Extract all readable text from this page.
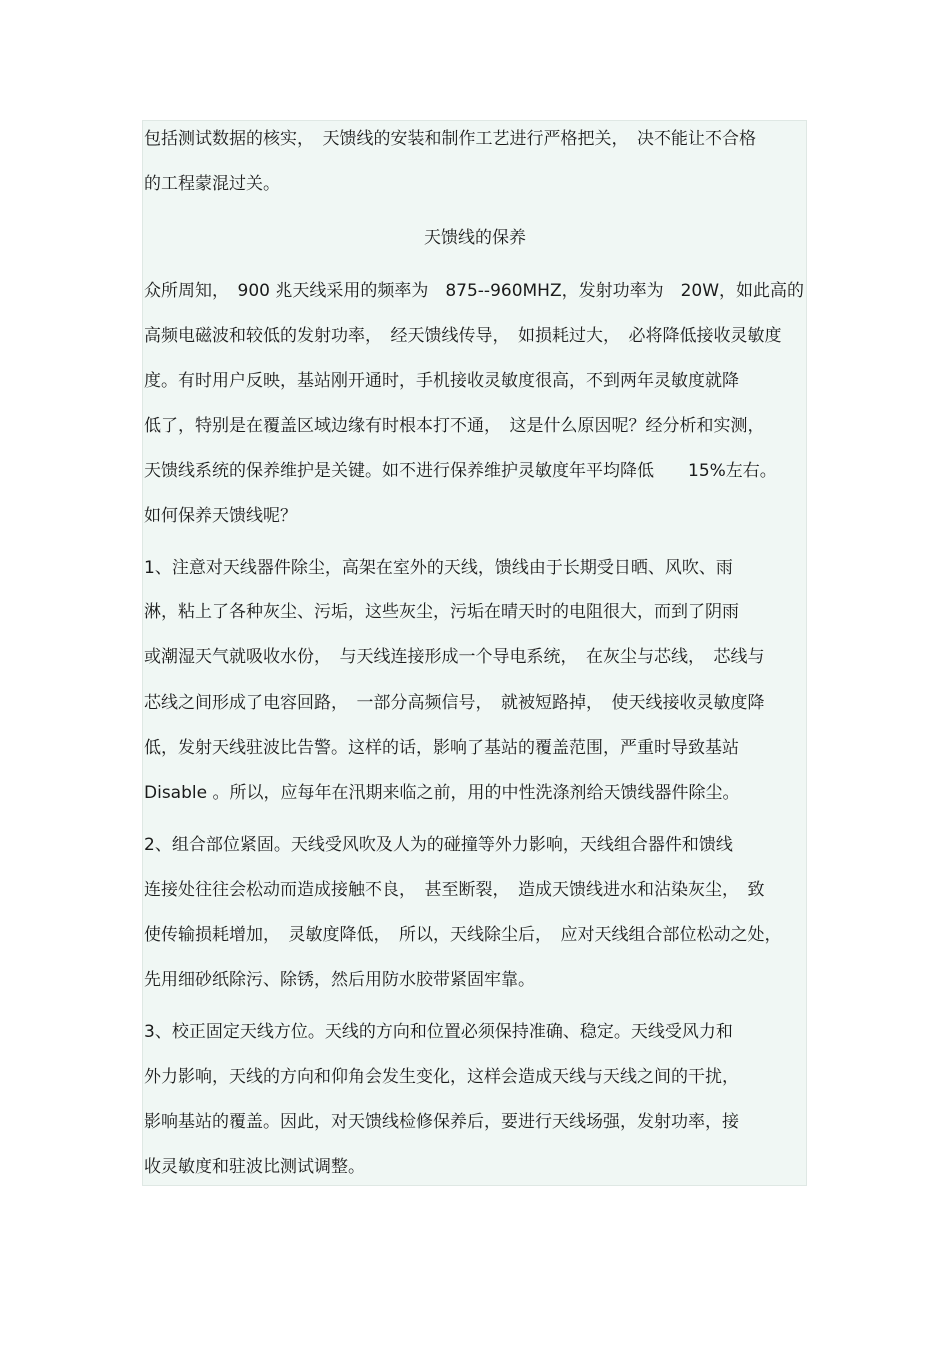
包括测试数据的核实，　天馈线的安装和制作工艺进行严格把关，　决不能让不合格
的工程蒙混过关。
天馈线的保养
众所周知，　900 兆天线采用的频率为　875--960MHZ，发射功率为　20W，如此高的
高频电磁波和较低的发射功率，　经天馈线传导，　如损耗过大，　必将降低接收灵敏度
度。有时用户反映，基站刚开通时，手机接收灵敏度很高，不到两年灵敏度就降
低了，特别是在覆盖区域边缘有时根本打不通，　这是什么原因呢？经分析和实测，
天馈线系统的保养维护是关键。如不进行保养维护灵敏度年平均降低　　15%左右。
如何保养天馈线呢？
1、注意对天线器件除尘，高架在室外的天线，馈线由于长期受日晒、风吹、雨
淋，粘上了各种灰尘、污垢，这些灰尘，污垢在晴天时的电阻很大，而到了阴雨
或潮湿天气就吸收水份，　与天线连接形成一个导电系统，　在灰尘与芯线，　芯线与
芯线之间形成了电容回路，　一部分高频信号，　就被短路掉，　使天线接收灵敏度降
低，发射天线驻波比告警。这样的话，影响了基站的覆盖范围，严重时导致基站
Disable 。所以，应每年在汛期来临之前，用的中性洗涤剂给天馈线器件除尘。
2、组合部位紧固。天线受风吹及人为的碰撞等外力影响，天线组合器件和馈线
连接处往往会松动而造成接触不良，　甚至断裂，　造成天馈线进水和沾染灰尘，　致
使传输损耗增加，　灵敏度降低，　所以，天线除尘后，　应对天线组合部位松动之处，
先用细砂纸除污、除锈，然后用防水胶带紧固牢靠。
3、校正固定天线方位。天线的方向和位置必须保持准确、稳定。天线受风力和
外力影响，天线的方向和仰角会发生变化，这样会造成天线与天线之间的干扰，
影响基站的覆盖。因此，对天馈线检修保养后，要进行天线场强，发射功率，接
收灵敏度和驻波比测试调整。
